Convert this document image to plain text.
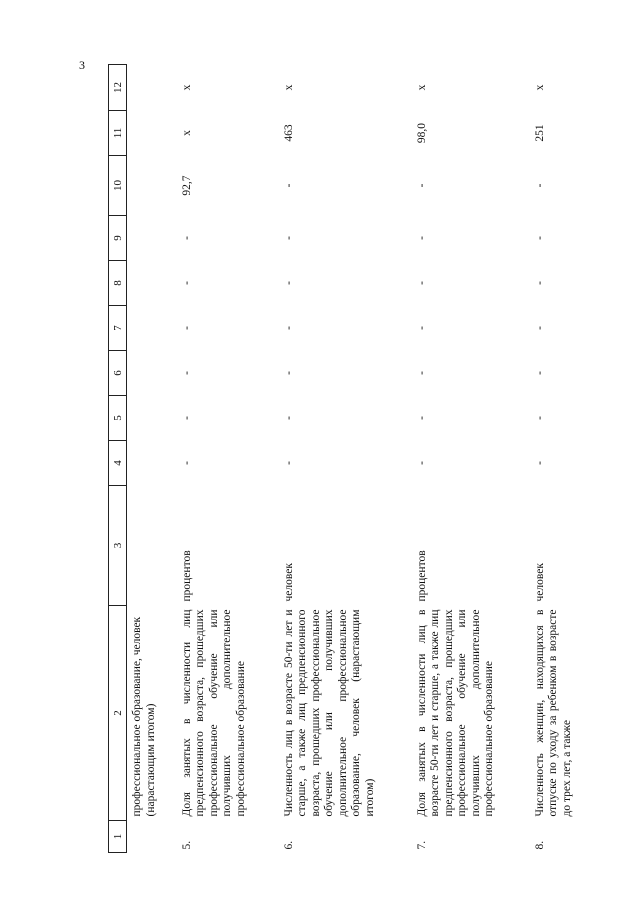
3
1	2	3	4	5	6	7	8	9	10	11	12
	профессиональное образование, человек (нарастающим итогом)										
5.	Доля занятых в численности лиц предпенсионного возраста, прошедших профессиональное обучение или получивших дополнительное профессиональное образование	процентов	-	-	-	-	-	-	92,7	x	x
6.	Численность лиц в возрасте 50-ти лет и старше, а также лиц предпенсионного возраста, прошедших профессиональное обучение или получивших дополнительное профессиональное образование, человек (нарастающим итогом)	человек	-	-	-	-	-	-	-	463	x
7.	Доля занятых в численности лиц в возрасте 50-ти лет и старше, а также лиц предпенсионного возраста, прошедших профессиональное обучение или получивших дополнительное профессиональное образование	процентов	-	-	-	-	-	-	-	98,0	x
8.	Численность женщин, находящихся в отпуске по уходу за ребенком в возрасте до трех лет, а также	человек	-	-	-	-	-	-	-	251	x
